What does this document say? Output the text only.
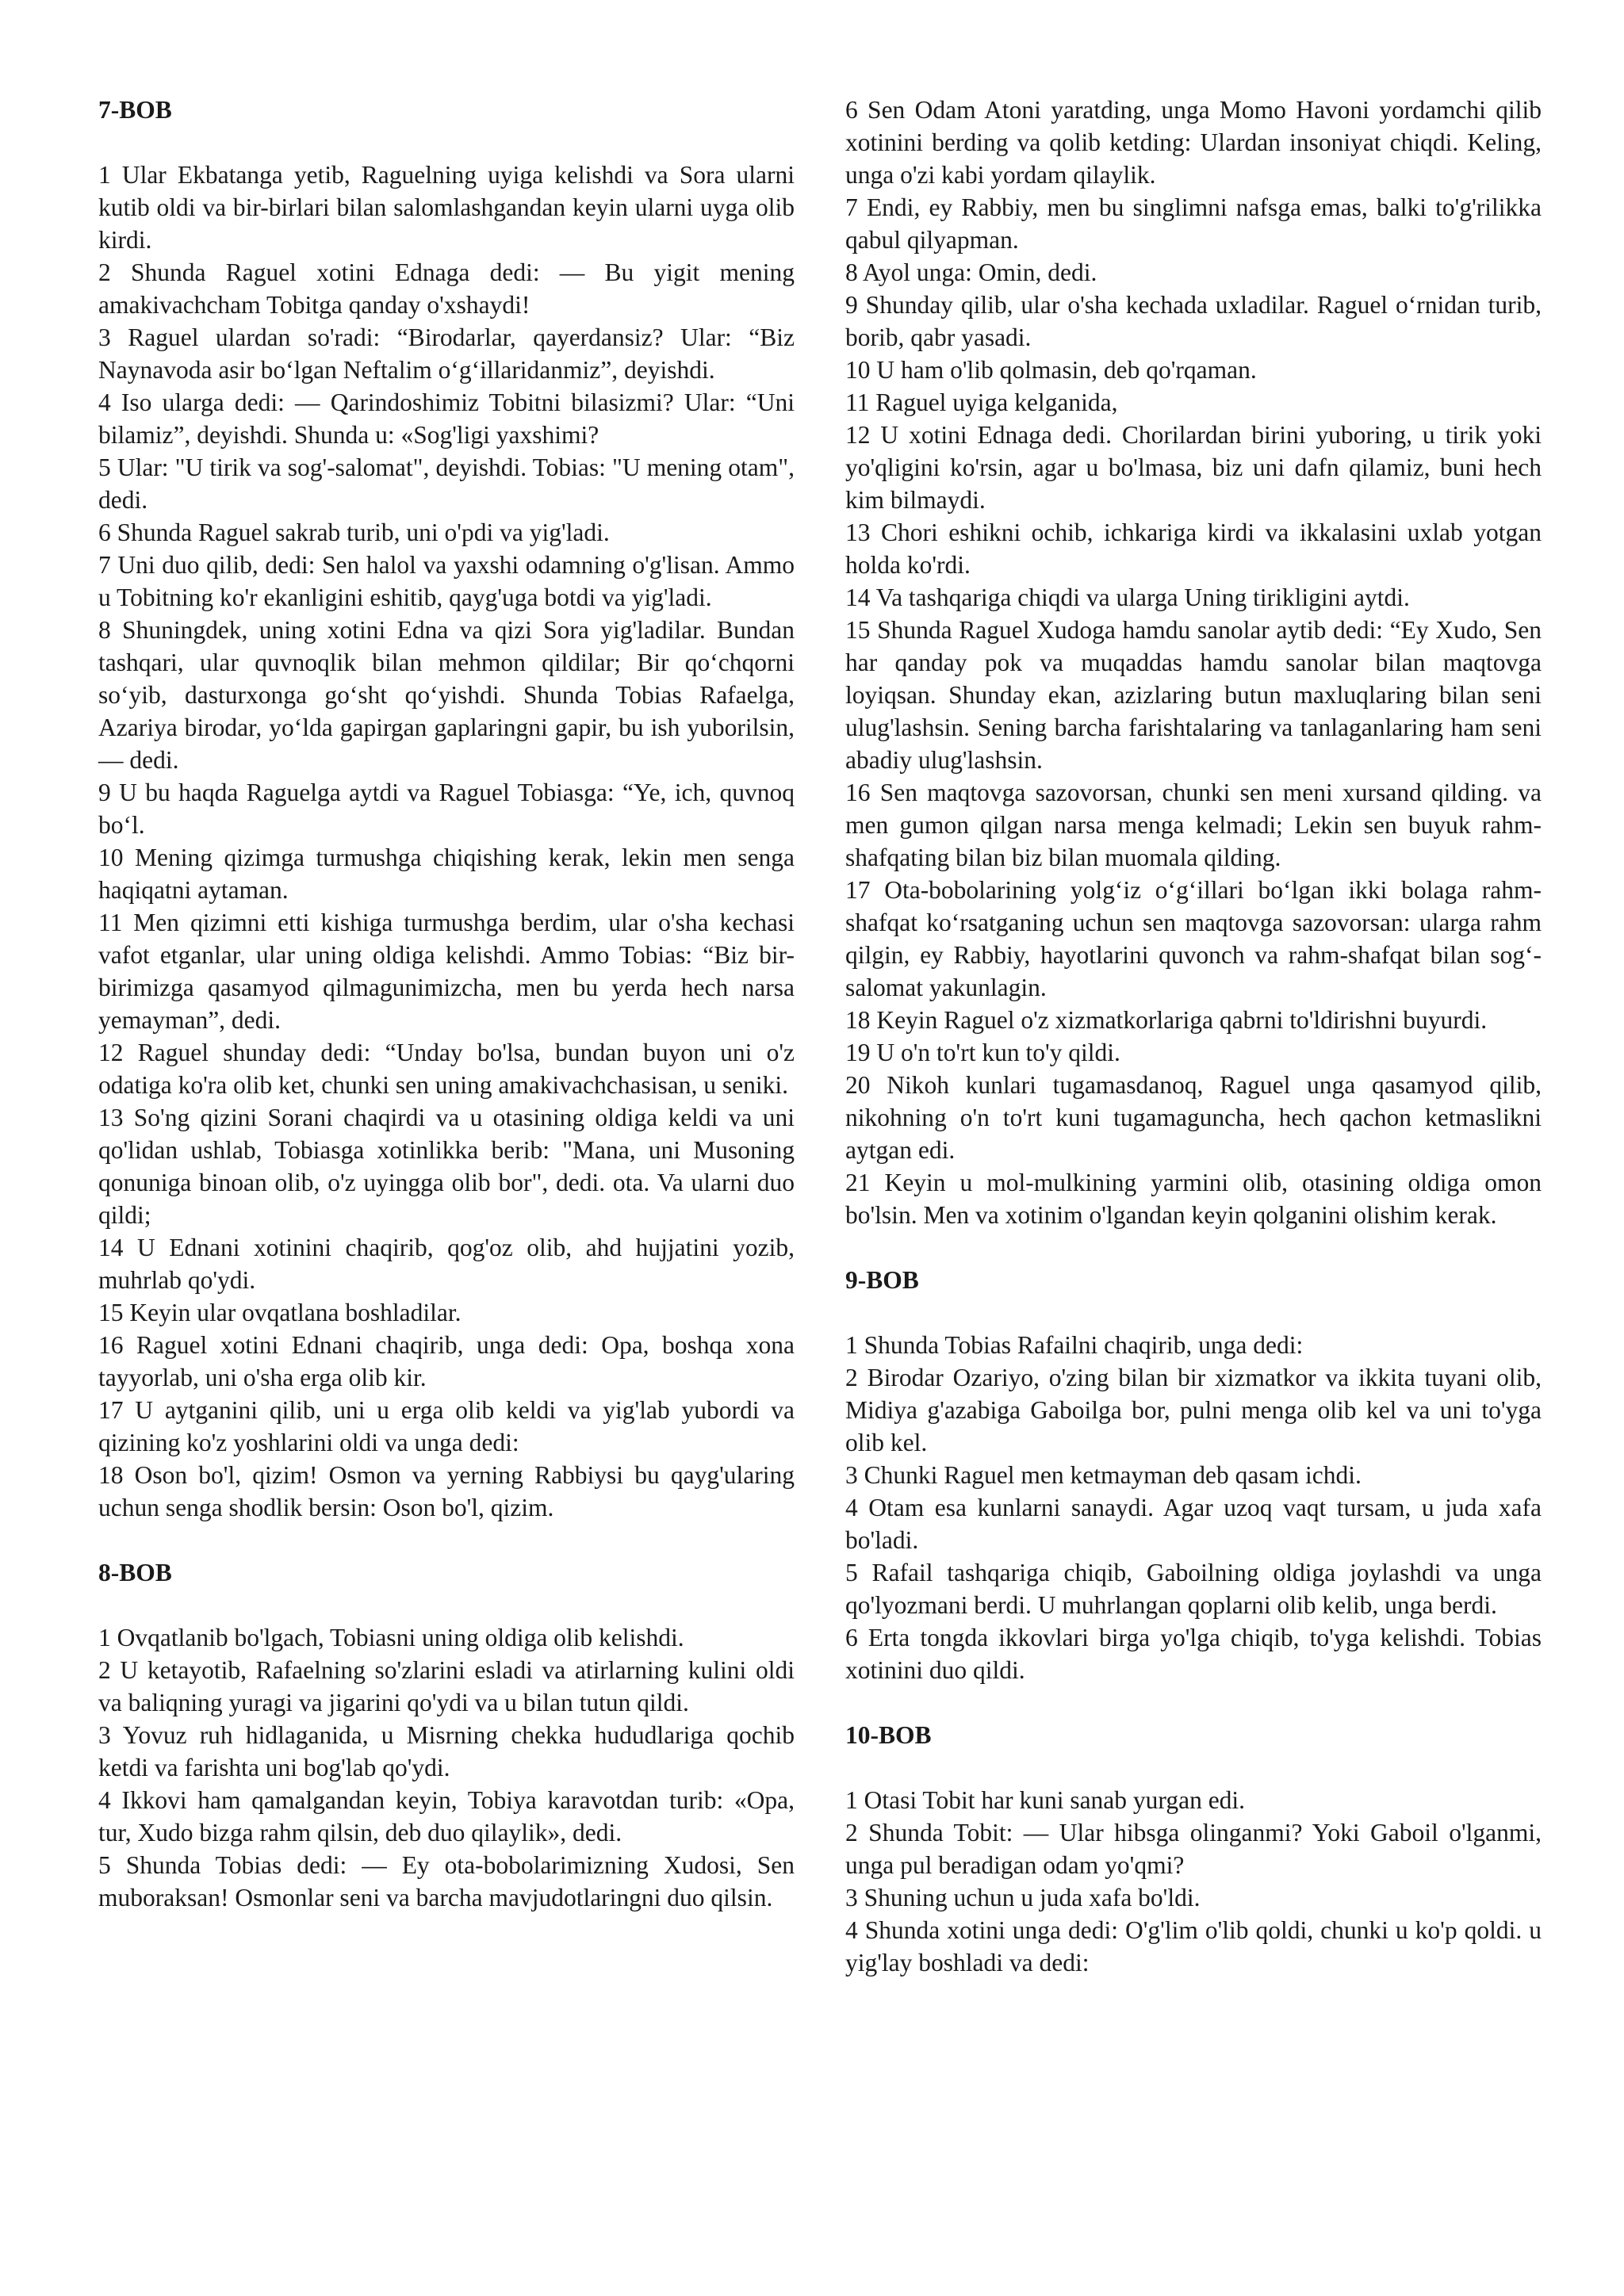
7-BOB

1 Ular Ekbatanga yetib, Raguelning uyiga kelishdi va Sora ularni kutib oldi va bir-birlari bilan salomlashgandan keyin ularni uyga olib kirdi.

2 Shunda Raguel xotini Ednaga dedi: — Bu yigit mening amakivachcham Tobitga qanday o'xshaydi!

3 Raguel ulardan so'radi: “Birodarlar, qayerdansiz? Ular: “Biz Naynavoda asir bo‘lgan Neftalim o‘g‘illaridanmiz”, deyishdi.

4 Iso ularga dedi: — Qarindoshimiz Tobitni bilasizmi? Ular: “Uni bilamiz”, deyishdi. Shunda u: «Sog'ligi yaxshimi?

5 Ular: "U tirik va sog'-salomat", deyishdi. Tobias: "U mening otam", dedi.

6 Shunda Raguel sakrab turib, uni o'pdi va yig'ladi.

7 Uni duo qilib, dedi: Sen halol va yaxshi odamning o'g'lisan. Ammo u Tobitning ko'r ekanligini eshitib, qayg'uga botdi va yig'ladi.

8 Shuningdek, uning xotini Edna va qizi Sora yig'ladilar. Bundan tashqari, ular quvnoqlik bilan mehmon qildilar; Bir qo‘chqorni so‘yib, dasturxonga go‘sht qo‘yishdi. Shunda Tobias Rafaelga, Azariya birodar, yo‘lda gapirgan gaplaringni gapir, bu ish yuborilsin, — dedi.

9 U bu haqda Raguelga aytdi va Raguel Tobiasga: “Ye, ich, quvnoq bo‘l.

10 Mening qizimga turmushga chiqishing kerak, lekin men senga haqiqatni aytaman.

11 Men qizimni etti kishiga turmushga berdim, ular o'sha kechasi vafot etganlar, ular uning oldiga kelishdi. Ammo Tobias: “Biz bir-birimizga qasamyod qilmagunimizcha, men bu yerda hech narsa yemayman”, dedi.

12 Raguel shunday dedi: “Unday bo'lsa, bundan buyon uni o'z odatiga ko'ra olib ket, chunki sen uning amakivachchasisan, u seniki.

13 So'ng qizini Sorani chaqirdi va u otasining oldiga keldi va uni qo'lidan ushlab, Tobiasga xotinlikka berib: "Mana, uni Musoning qonuniga binoan olib, o'z uyingga olib bor", dedi. ota. Va ularni duo qildi;

14 U Ednani xotinini chaqirib, qog'oz olib, ahd hujjatini yozib, muhrlab qo'ydi.

15 Keyin ular ovqatlana boshladilar.

16 Raguel xotini Ednani chaqirib, unga dedi: Opa, boshqa xona tayyorlab, uni o'sha erga olib kir.

17 U aytganini qilib, uni u erga olib keldi va yig'lab yubordi va qizining ko'z yoshlarini oldi va unga dedi:

18 Oson bo'l, qizim! Osmon va yerning Rabbiysi bu qayg'ularing uchun senga shodlik bersin: Oson bo'l, qizim.

8-BOB

1 Ovqatlanib bo'lgach, Tobiasni uning oldiga olib kelishdi.

2 U ketayotib, Rafaelning so'zlarini esladi va atirlarning kulini oldi va baliqning yuragi va jigarini qo'ydi va u bilan tutun qildi.

3 Yovuz ruh hidlaganida, u Misrning chekka hududlariga qochib ketdi va farishta uni bog'lab qo'ydi.

4 Ikkovi ham qamalgandan keyin, Tobiya karavotdan turib: «Opa, tur, Xudo bizga rahm qilsin, deb duo qilaylik», dedi.

5 Shunda Tobias dedi: — Ey ota-bobolarimizning Xudosi, Sen muboraksan! Osmonlar seni va barcha mavjudotlaringni duo qilsin.

6 Sen Odam Atoni yaratding, unga Momo Havoni yordamchi qilib xotinini berding va qolib ketding: Ulardan insoniyat chiqdi. Keling, unga o'zi kabi yordam qilaylik.

7 Endi, ey Rabbiy, men bu singlimni nafsga emas, balki to'g'rilikka qabul qilyapman.

8 Ayol unga: Omin, dedi.

9 Shunday qilib, ular o'sha kechada uxladilar. Raguel o‘rnidan turib, borib, qabr yasadi.

10 U ham o'lib qolmasin, deb qo'rqaman.

11 Raguel uyiga kelganida,

12 U xotini Ednaga dedi. Chorilardan birini yuboring, u tirik yoki yo'qligini ko'rsin, agar u bo'lmasa, biz uni dafn qilamiz, buni hech kim bilmaydi.

13 Chori eshikni ochib, ichkariga kirdi va ikkalasini uxlab yotgan holda ko'rdi.

14 Va tashqariga chiqdi va ularga Uning tirikligini aytdi.

15 Shunda Raguel Xudoga hamdu sanolar aytib dedi: “Ey Xudo, Sen har qanday pok va muqaddas hamdu sanolar bilan maqtovga loyiqsan. Shunday ekan, azizlaring butun maxluqlaring bilan seni ulug'lashsin. Sening barcha farishtalaring va tanlaganlaring ham seni abadiy ulug'lashsin.

16 Sen maqtovga sazovorsan, chunki sen meni xursand qilding. va men gumon qilgan narsa menga kelmadi; Lekin sen buyuk rahm-shafqating bilan biz bilan muomala qilding.

17 Ota-bobolarining yolg‘iz o‘g‘illari bo‘lgan ikki bolaga rahm-shafqat ko‘rsatganing uchun sen maqtovga sazovorsan: ularga rahm qilgin, ey Rabbiy, hayotlarini quvonch va rahm-shafqat bilan sog‘-salomat yakunlagin.

18 Keyin Raguel o'z xizmatkorlariga qabrni to'ldirishni buyurdi.

19 U o'n to'rt kun to'y qildi.

20 Nikoh kunlari tugamasdanoq, Raguel unga qasamyod qilib, nikohning o'n to'rt kuni tugamaguncha, hech qachon ketmaslikni aytgan edi.

21 Keyin u mol-mulkining yarmini olib, otasining oldiga omon bo'lsin. Men va xotinim o'lgandan keyin qolganini olishim kerak.

9-BOB

1 Shunda Tobias Rafailni chaqirib, unga dedi:

2 Birodar Ozariyo, o'zing bilan bir xizmatkor va ikkita tuyani olib, Midiya g'azabiga Gaboilga bor, pulni menga olib kel va uni to'yga olib kel.

3 Chunki Raguel men ketmayman deb qasam ichdi.

4 Otam esa kunlarni sanaydi. Agar uzoq vaqt tursam, u juda xafa bo'ladi.

5 Rafail tashqariga chiqib, Gaboilning oldiga joylashdi va unga qo'lyozmani berdi. U muhrlangan qoplarni olib kelib, unga berdi.

6 Erta tongda ikkovlari birga yo'lga chiqib, to'yga kelishdi. Tobias xotinini duo qildi.

10-BOB

1 Otasi Tobit har kuni sanab yurgan edi.

2 Shunda Tobit: — Ular hibsga olinganmi? Yoki Gaboil o'lganmi, unga pul beradigan odam yo'qmi?

3 Shuning uchun u juda xafa bo'ldi.

4 Shunda xotini unga dedi: O'g'lim o'lib qoldi, chunki u ko'p qoldi. u yig'lay boshladi va dedi:
